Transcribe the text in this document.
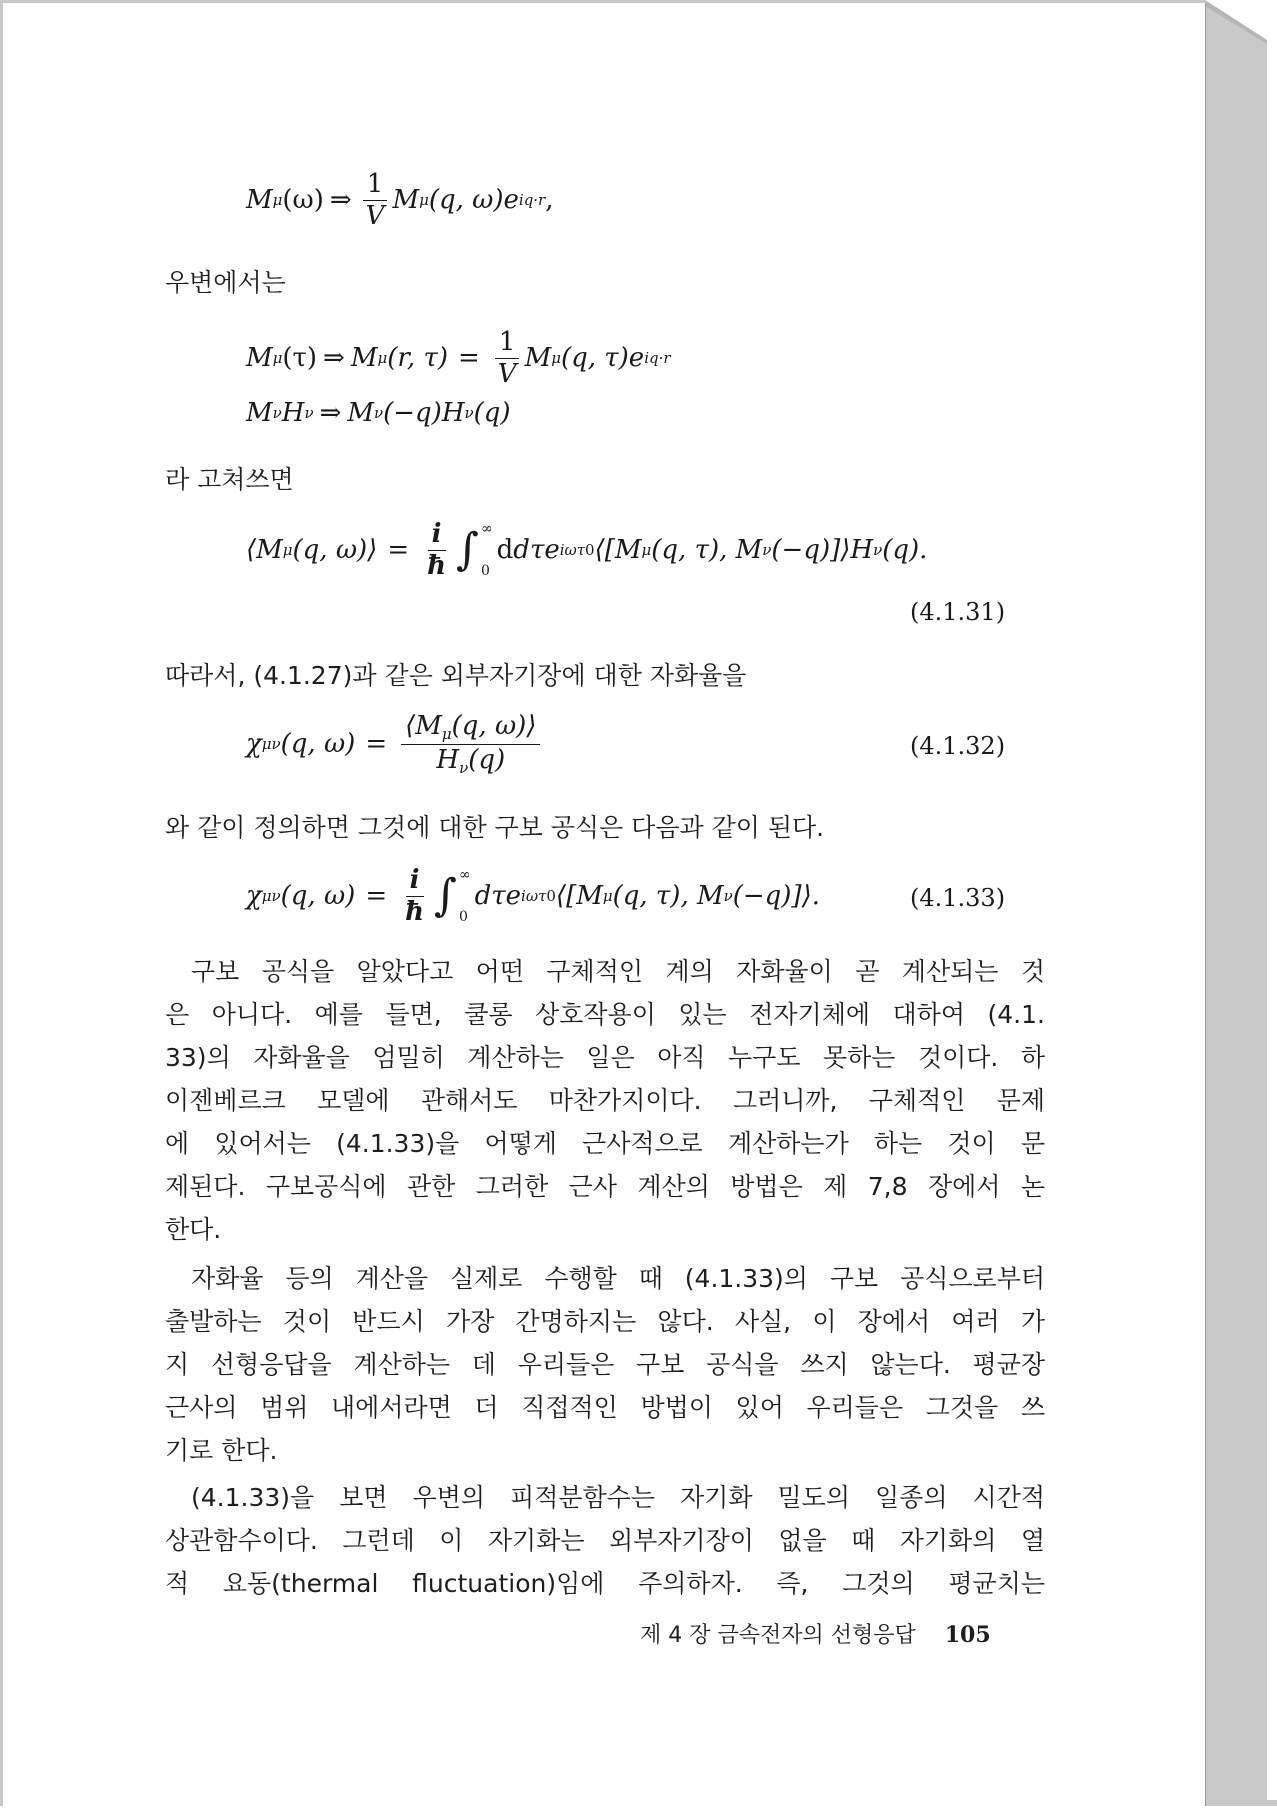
M μ (ω) ⇒ $\frac{1}{V}$ M μ (q, ω)e iq·r ,
우변에서는
M μ (τ) ⇒ M μ (r, $\tau) = \frac{1}{V}$ M μ (q, τ)e iq·r
M ν H ν ⇒ M ν (−q) H ν (q)
라 고쳐쓰면
⟨M μ (q, ω)⟩ = $\frac{i}{ħ}$ ∫ ∞
0
d dτe iωτ 0 ⟨[M μ (q, τ), M ν (−q)]⟩H ν (q).
(4.1.31)
따라서, (4.1.27)과 같은 외부자기장에 대한 자화율을
χ μν (q, $\omega) = \frac{⟨M_\mu(q, \omega)⟩}{H_\nu(q)}$	(4.1.32)
와 같이 정의하면 그것에 대한 구보 공식은 다음과 같이 된다.
χ μν (q, $\omega) = \frac{i}{ħ}$ ∫ ∞
0
dτe iωτ 0 ⟨[M μ (q, τ), M ν (−q)]⟩.	(4.1.33)
구보 공식을 알았다고 어떤 구체적인 계의 자화율이 곧 계산되는 것
은 아니다. 예를 들면, 쿨롱 상호작용이 있는 전자기체에 대하여 (4.1.
33)의 자화율을 엄밀히 계산하는 일은 아직 누구도 못하는 것이다. 하
이젠베르크 모델에 관해서도 마찬가지이다. 그러니까, 구체적인 문제
에 있어서는 (4.1.33)을 어떻게 근사적으로 계산하는가 하는 것이 문
제된다. 구보공식에 관한 그러한 근사 계산의 방법은 제 7,8 장에서 논
한다.
자화율 등의 계산을 실제로 수행할 때 (4.1.33)의 구보 공식으로부터
출발하는 것이 반드시 가장 간명하지는 않다. 사실, 이 장에서 여러 가
지 선형응답을 계산하는 데 우리들은 구보 공식을 쓰지 않는다. 평균장
근사의 범위 내에서라면 더 직접적인 방법이 있어 우리들은 그것을 쓰
기로 한다.
(4.1.33)을 보면 우변의 피적분함수는 자기화 밀도의 일종의 시간적
상관함수이다. 그런데 이 자기화는 외부자기장이 없을 때 자기화의 열
적 요동(thermal fluctuation)임에 주의하자. 즉, 그것의 평균치는
제 4 장 금속전자의 선형응답 105
